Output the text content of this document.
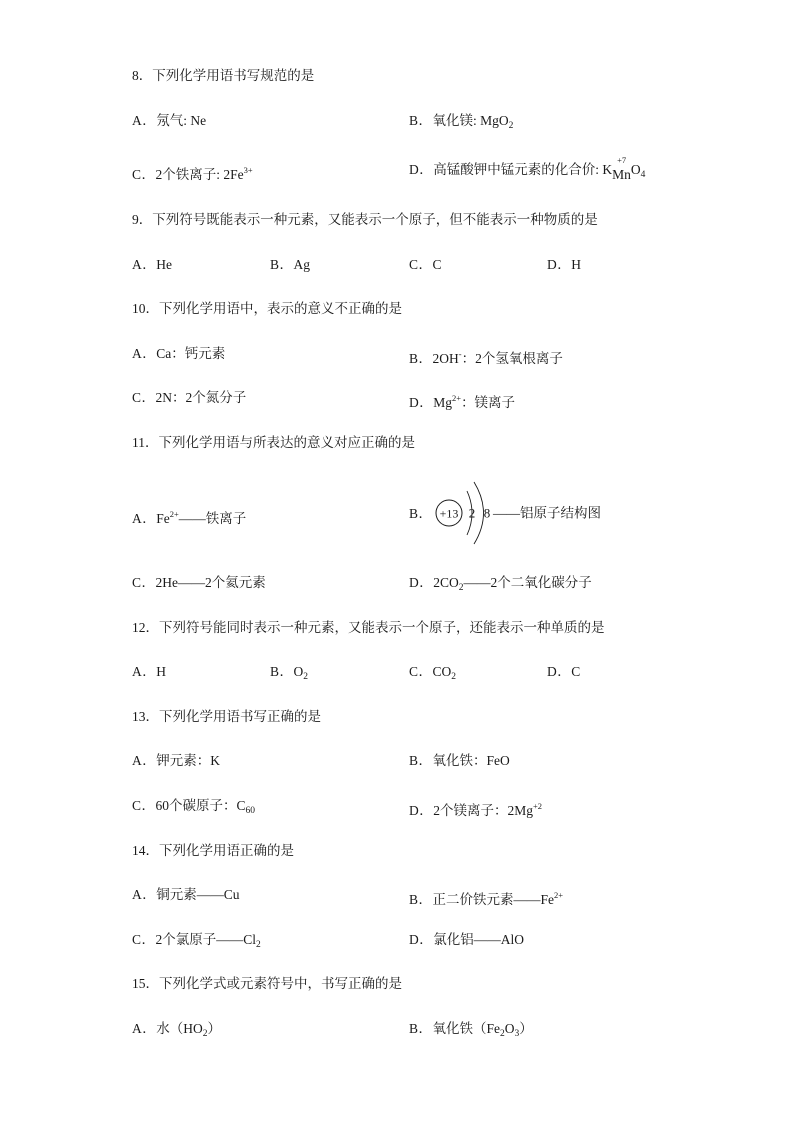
8．下列化学用语书写规范的是
A．氖气: Ne	B．氧化镁: MgO$_2$
C．2个铁离子: $2Fe^{3+}$	D．高锰酸钾中锰元素的化合价: K
+7
MnO$_4$
9．下列符号既能表示一种元素，又能表示一个原子，但不能表示一种物质的是
A．He	B．Ag	C．C	D．H
10．下列化学用语中，表示的意义不正确的是
A．Ca：钙元素	B．2OH-：2个氢氧根离子
C．2N：2个氮分子	D．$Mg^{2+}$：镁离子
11．下列化学用语与所表达的意义对应正确的是
A．$Fe^{2+}——$铁离子	B． +13 2 8 ——铝原子结构图
C．2He——2个氦元素	D．$2CO_2——2$个二氧化碳分子
12．下列符号能同时表示一种元素，又能表示一个原子，还能表示一种单质的是
A．H	B．$O_2$	C．$CO_2$	D．C
13．下列化学用语书写正确的是
A．钾元素：K	B．氧化铁：FeO
C．60个碳原子：$C_{60}$	D．2个镁离子：$2Mg^{+2}$
14．下列化学用语正确的是
A．铜元素——Cu	B．正二价铁元素$——Fe^{2+}$
C．2个氯原子$——Cl_2$	D．氯化铝——AlO
15．下列化学式或元素符号中，书写正确的是
A．水$(HO_2)$	B．氧化铁$(Fe_2O_3)$
